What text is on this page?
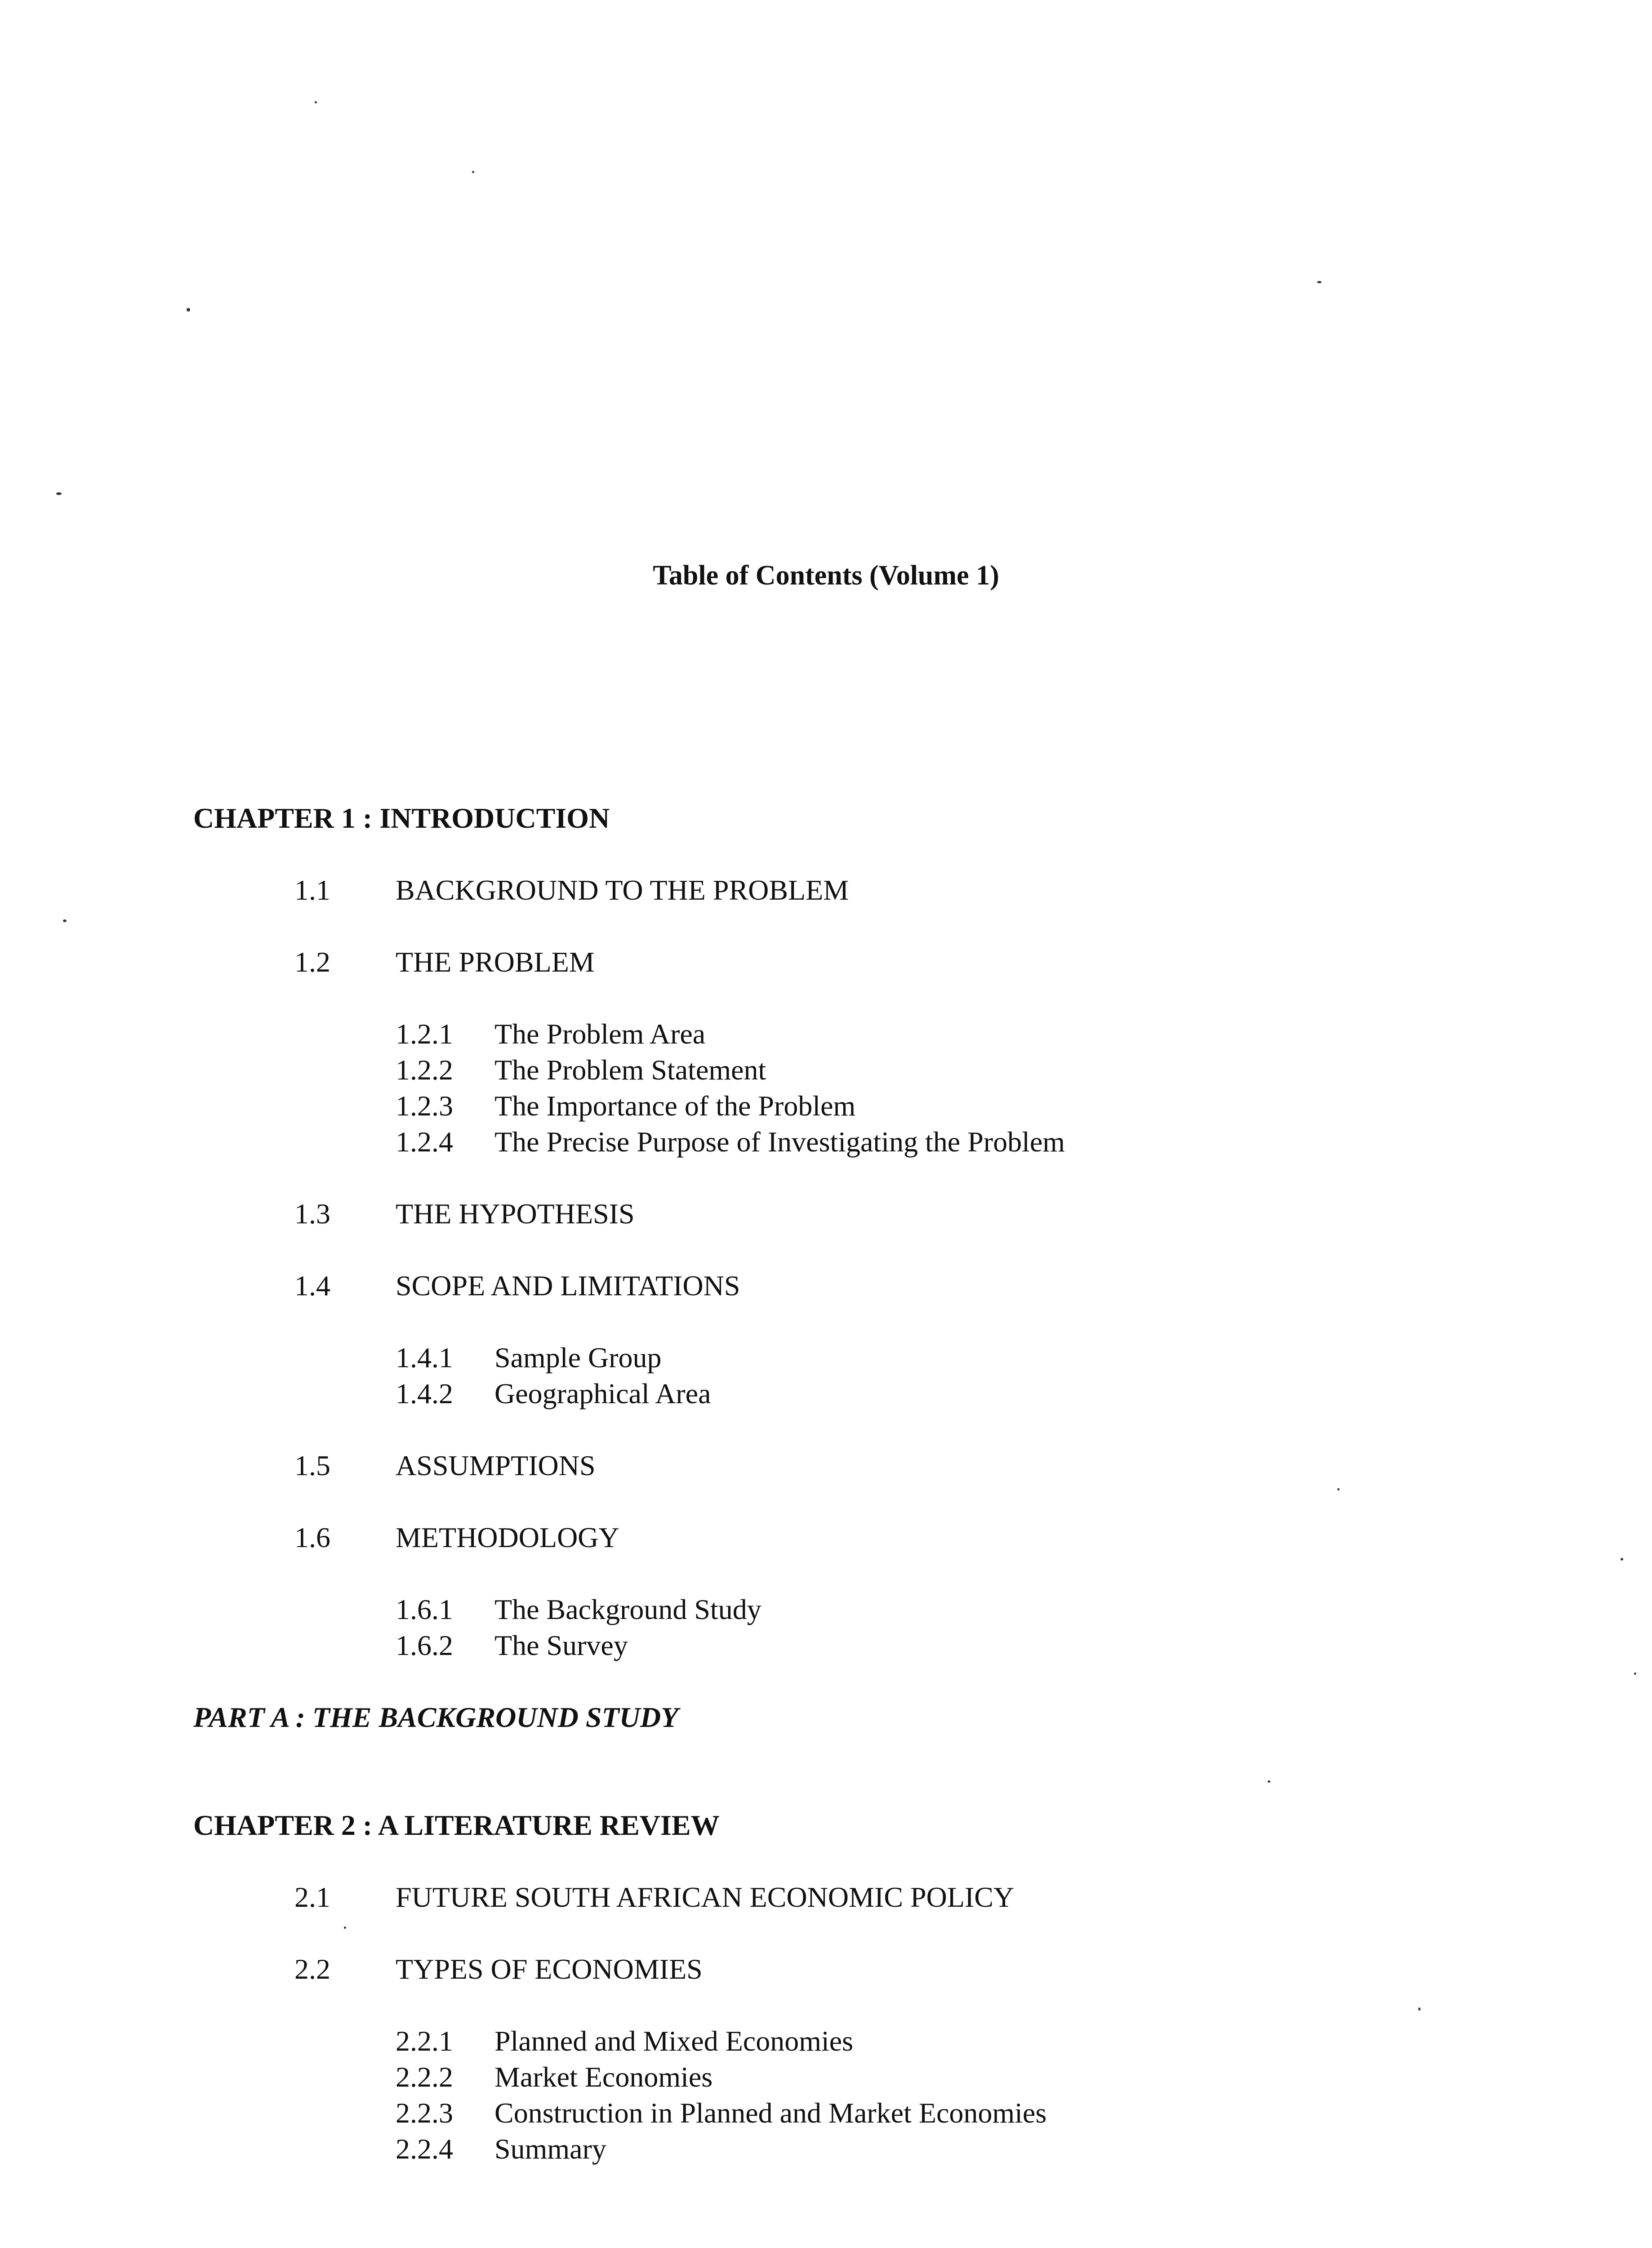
Table of Contents (Volume 1)
CHAPTER 1 : INTRODUCTION
1.1 BACKGROUND TO THE PROBLEM
1.2 THE PROBLEM
1.2.1 The Problem Area
1.2.2 The Problem Statement
1.2.3 The Importance of the Problem
1.2.4 The Precise Purpose of Investigating the Problem
1.3 THE HYPOTHESIS
1.4 SCOPE AND LIMITATIONS
1.4.1 Sample Group
1.4.2 Geographical Area
1.5 ASSUMPTIONS
1.6 METHODOLOGY
1.6.1 The Background Study
1.6.2 The Survey
PART A : THE BACKGROUND STUDY
CHAPTER 2 : A LITERATURE REVIEW
2.1 FUTURE SOUTH AFRICAN ECONOMIC POLICY
2.2 TYPES OF ECONOMIES
2.2.1 Planned and Mixed Economies
2.2.2 Market Economies
2.2.3 Construction in Planned and Market Economies
2.2.4 Summary
